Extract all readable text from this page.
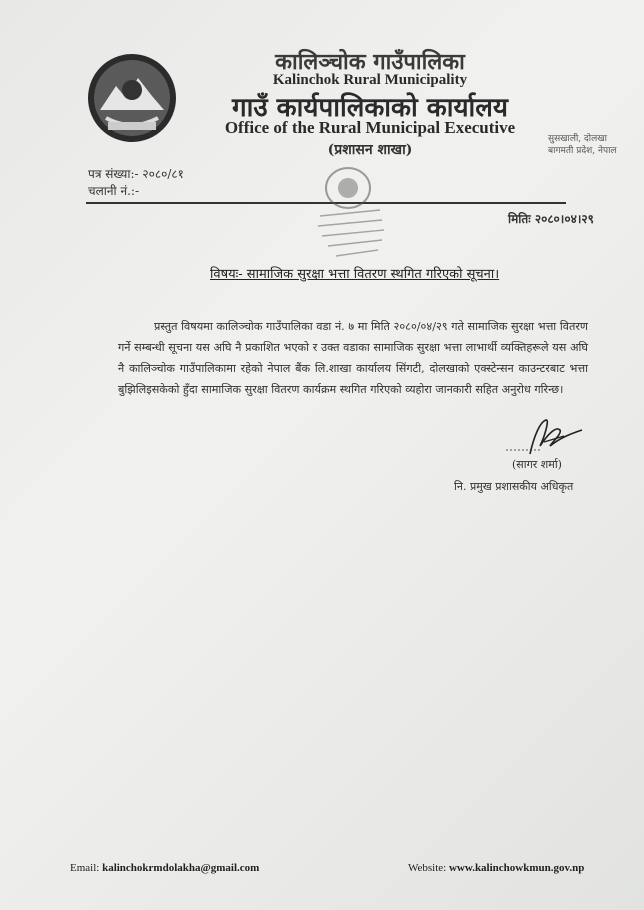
कालिञ्चोक गाउँपालिका
Kalinchok Rural Municipality
गाउँ कार्यपालिकाको कार्यालय
Office of the Rural Municipal Executive
(प्रशासन शाखा)
सुसखाली, दोलखा
बागमती प्रदेश, नेपाल
पत्र संख्या:- २०८०/८१
चलानी नं.:-
मितिः २०८०।०४।२९
विषयः- सामाजिक सुरक्षा भत्ता वितरण स्थगित गरिएको सूचना।

प्रस्तुत विषयमा कालिञ्चोक गाउँपालिका वडा नं. ७ मा मिति २०८०/०४/२९ गते सामाजिक सुरक्षा भत्ता वितरण गर्ने सम्बन्धी सूचना यस अघि नै प्रकाशित भएको र उक्त वडाका सामाजिक सुरक्षा भत्ता लाभार्थी व्यक्तिहरूले यस अघि नै कालिञ्चोक गाउँपालिकामा रहेको नेपाल बैंक लि.शाखा कार्यालय सिंगटी, दोलखाको एक्स्टेन्सन काउन्टरबाट भत्ता बुझिलिइसकेको हुँदा सामाजिक सुरक्षा वितरण कार्यक्रम स्थगित गरिएको व्यहोरा जानकारी सहित अनुरोध गरिन्छ।

(सागर शर्मा)
नि. प्रमुख प्रशासकीय अधिकृत
Email: kalinchokrmdolakha@gmail.com	Website: www.kalinchowkmun.gov.np
